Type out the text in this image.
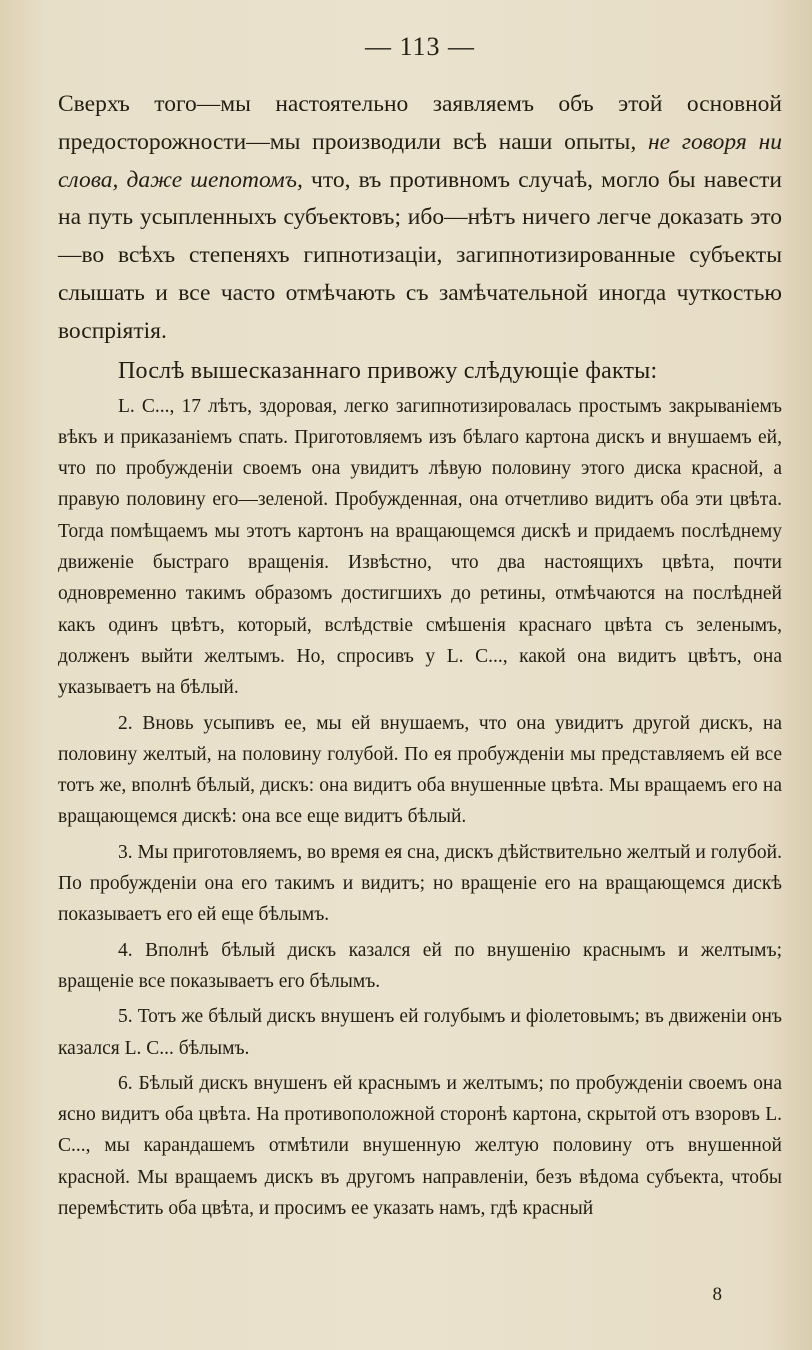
— 113 —

Сверхъ того—мы настоятельно заявляемъ объ этой основной предосторожности—мы производили всѣ наши опыты, не говоря ни слова, даже шепотомъ, что, въ противномъ случаѣ, могло бы навести на путь усыпленныхъ субъектовъ; ибо—нѣтъ ничего легче доказать это—во всѣхъ степеняхъ гипнотизаціи, загипнотизированные субъекты слышать и все часто отмѣчають съ замѣчательной иногда чуткостью воспріятія.

Послѣ вышесказаннаго привожу слѣдующіе факты:

L. C..., 17 лѣтъ, здоровая, легко загипнотизировалась простымъ закрываніемъ вѣкъ и приказаніемъ спать. Приготовляемъ изъ бѣлаго картона дискъ и внушаемъ ей, что по пробужденіи своемъ она увидитъ лѣвую половину этого диска красной, а правую половину его—зеленой. Пробужденная, она отчетливо видитъ оба эти цвѣта. Тогда помѣщаемъ мы этотъ картонъ на вращающемся дискѣ и придаемъ послѣднему движеніе быстраго вращенія. Извѣстно, что два настоящихъ цвѣта, почти одновременно такимъ образомъ достигшихъ до ретины, отмѣчаются на послѣдней какъ одинъ цвѣтъ, который, вслѣдствіе смѣшенія краснаго цвѣта съ зеленымъ, долженъ выйти желтымъ. Но, спросивъ у L. C..., какой она видитъ цвѣтъ, она указываетъ на бѣлый.

2. Вновь усыпивъ ее, мы ей внушаемъ, что она увидитъ другой дискъ, на половину желтый, на половину голубой. По ея пробужденіи мы представляемъ ей все тотъ же, вполнѣ бѣлый, дискъ: она видитъ оба внушенные цвѣта. Мы вращаемъ его на вращающемся дискѣ: она все еще видитъ бѣлый.

3. Мы приготовляемъ, во время ея сна, дискъ дѣйствительно желтый и голубой. По пробужденіи она его такимъ и видитъ; но вращеніе его на вращающемся дискѣ показываетъ его ей еще бѣлымъ.

4. Вполнѣ бѣлый дискъ казался ей по внушенію краснымъ и желтымъ; вращеніе все показываетъ его бѣлымъ.

5. Тотъ же бѣлый дискъ внушенъ ей голубымъ и фіолетовымъ; въ движеніи онъ казался L. C... бѣлымъ.

6. Бѣлый дискъ внушенъ ей краснымъ и желтымъ; по пробужденіи своемъ она ясно видитъ оба цвѣта. На противоположной сторонѣ картона, скрытой отъ взоровъ L. C..., мы карандашемъ отмѣтили внушенную желтую половину отъ внушенной красной. Мы вращаемъ дискъ въ другомъ направленіи, безъ вѣдома субъекта, чтобы перемѣстить оба цвѣта, и просимъ ее указать намъ, гдѣ красный

8
